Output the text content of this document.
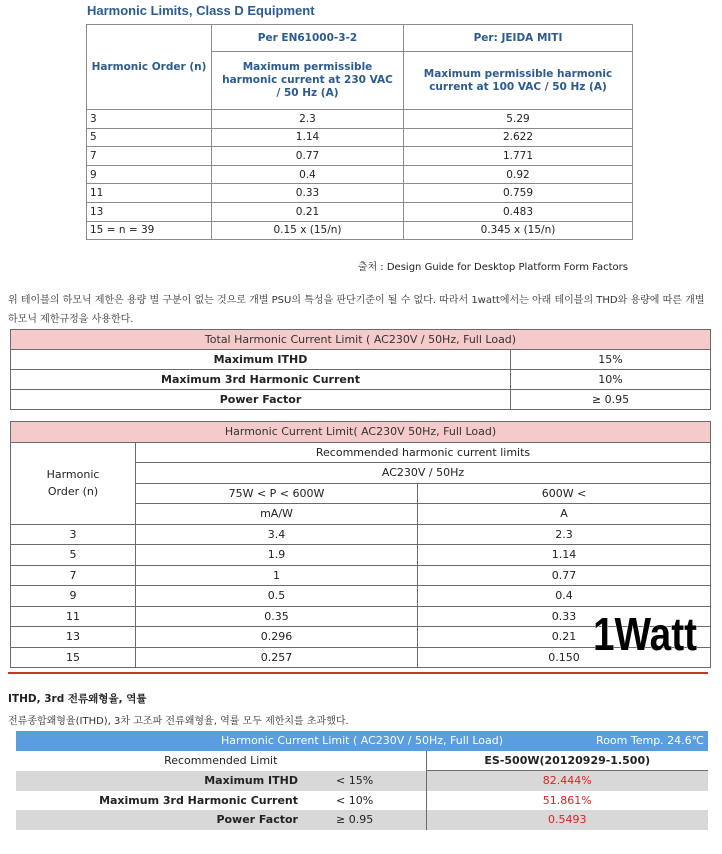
Harmonic Limits, Class D Equipment
Harmonic Order (n)	Per EN61000-3-2	Per: JEIDA MITI
	Maximum permissible harmonic current at 230 VAC / 50 Hz (A)	Maximum permissible harmonic current at 100 VAC / 50 Hz (A)
3	2.3	5.29
5	1.14	2.622
7	0.77	1.771
9	0.4	0.92
11	0.33	0.759
13	0.21	0.483
15 = n = 39	0.15 x (15/n)	0.345 x (15/n)
출처 : Design Guide for Desktop Platform Form Factors
위 테이블의 하모닉 제한은 용량 별 구분이 없는 것으로 개별 PSU의 특성을 판단기준이 될 수 없다. 따라서 1watt에서는 아래 테이블의 THD와 용량에 따른 개별 하모닉 제한규정을 사용한다.
Total Harmonic Current Limit ( AC230V / 50Hz, Full Load)	
Maximum ITHD	15%
Maximum 3rd Harmonic Current	10%
Power Factor	≥ 0.95
Harmonic Current Limit( AC230V 50Hz, Full Load)		
Harmonic Order (n)	Recommended harmonic current limits	
	AC230V / 50Hz	
	75W < P < 600W	600W <
	mA/W	A
3	3.4	2.3
5	1.9	1.14
7	1	0.77
9	0.5	0.4
11	0.35	0.33
13	0.296	0.21
15	0.257	0.150 1Watt
ITHD, 3rd 전류왜형율, 역률
전류종합왜형율(ITHD), 3차 고조파 전류왜형율, 역률 모두 제한치를 초과했다.
Harmonic Current Limit ( AC230V / 50Hz, Full Load) Room Temp. 24.6℃		

Recommended Limit		ES-500W(20120929-1.500)
Maximum ITHD	< 15%	82.444%
Maximum 3rd Harmonic Current	< 10%	51.861%
Power Factor	≥ 0.95	0.5493
